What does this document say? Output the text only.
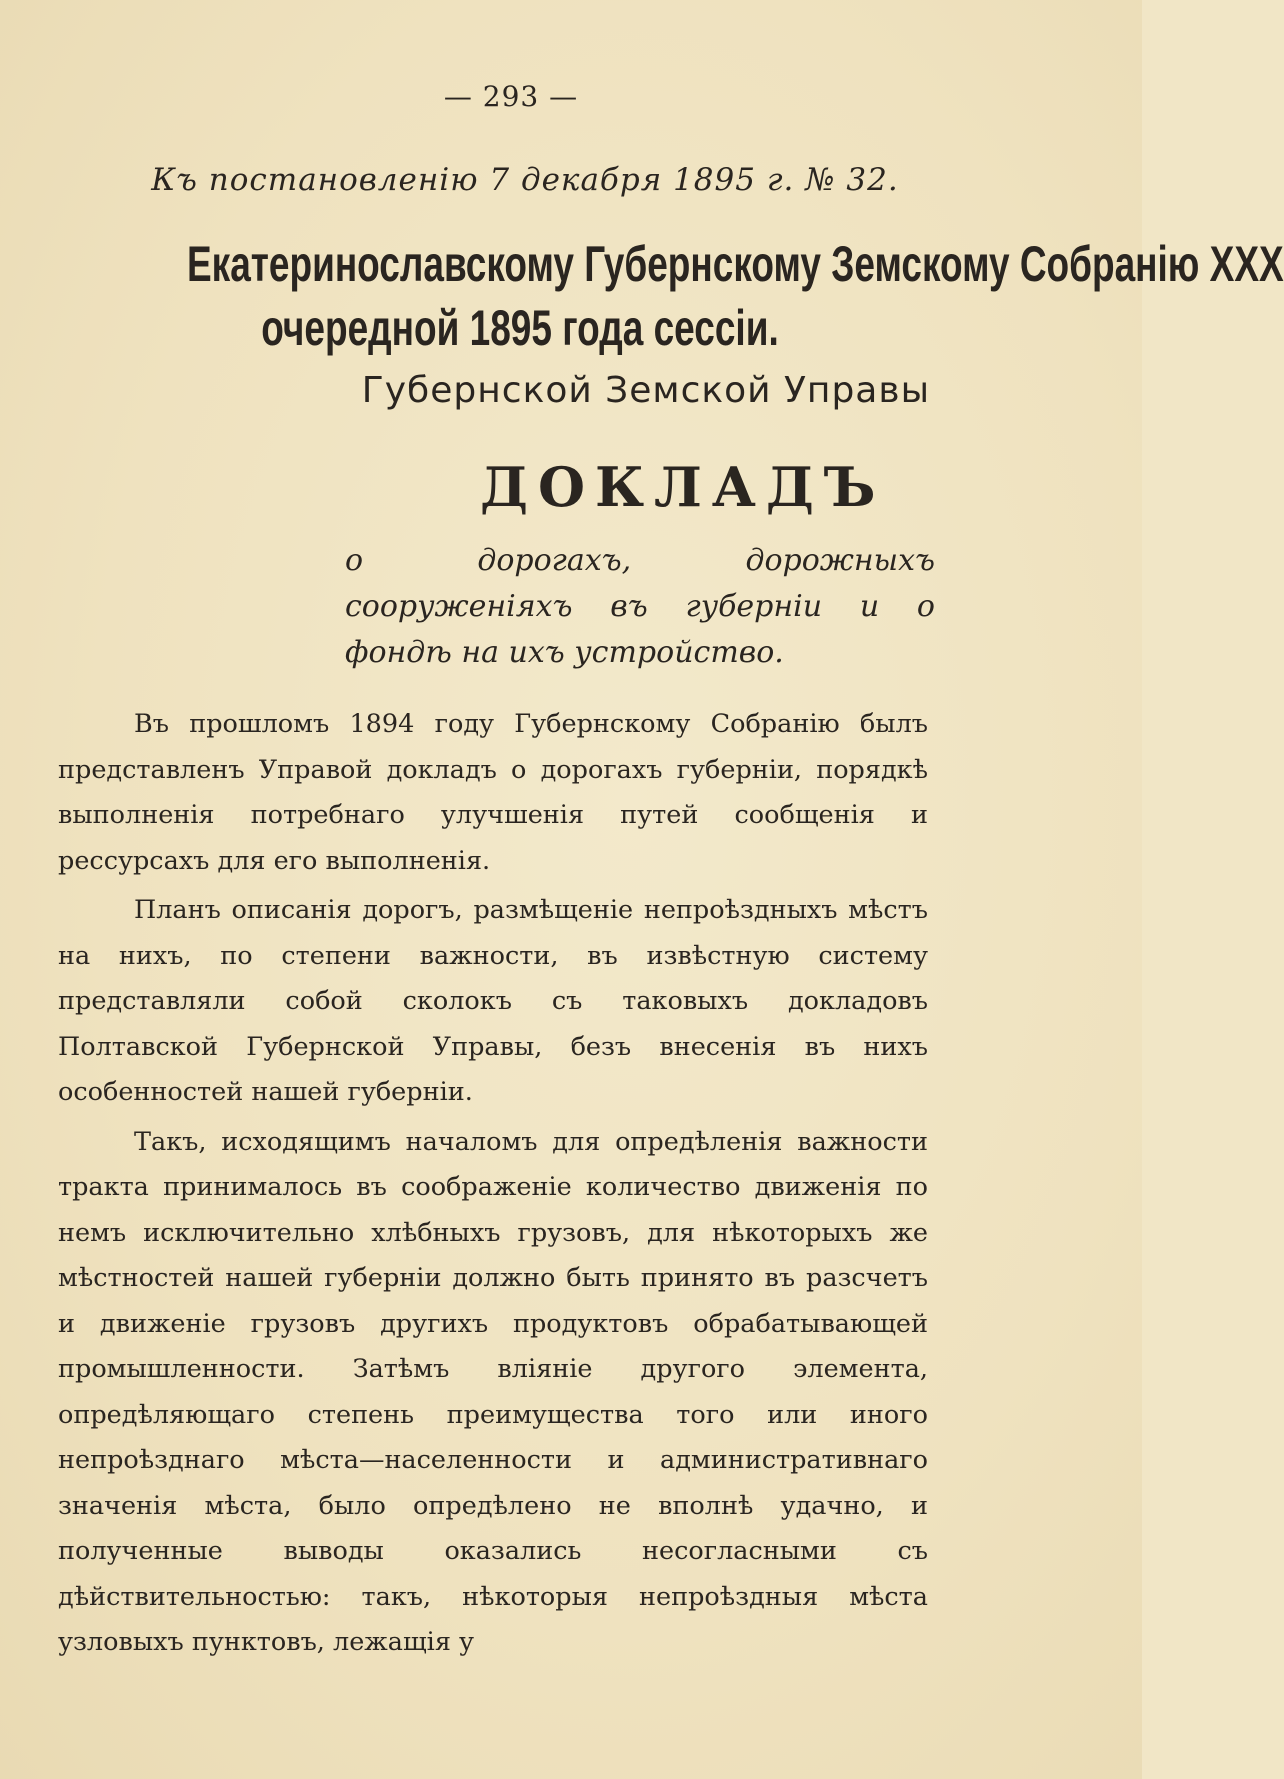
— 293 —
Къ постановленію 7 декабря 1895 г. № 32.
Екатеринославскому Губернскому Земскому Собранію XXX
очередной 1895 года сессіи.
Губернской Земской Управы
ДОКЛАДЪ
о дорогахъ, дорожныхъ сооруженіяхъ въ губерніи и о фондѣ на ихъ устройство.

Въ прошломъ 1894 году Губернскому Собранію былъ представленъ Управой докладъ о дорогахъ губерніи, порядкѣ выполненія потребнаго улучшенія путей сообщенія и рессурсахъ для его выполненія.

Планъ описанія дорогъ, размѣщеніе непроѣздныхъ мѣстъ на нихъ, по степени важности, въ извѣстную систему представляли собой сколокъ съ таковыхъ докладовъ Полтавской Губернской Управы, безъ внесенія въ нихъ особенностей нашей губерніи.

Такъ, исходящимъ началомъ для опредѣленія важности тракта принималось въ соображеніе количество движенія по немъ исключительно хлѣбныхъ грузовъ, для нѣкоторыхъ же мѣстностей нашей губерніи должно быть принято въ разсчетъ и движеніе грузовъ другихъ продуктовъ обрабатывающей промышленности. Затѣмъ вліяніе другого элемента, опредѣляющаго степень преимущества того или иного непроѣзднаго мѣста—населенности и административнаго значенія мѣста, было опредѣлено не вполнѣ удачно, и полученные выводы оказались несогласными съ дѣйствительностью: такъ, нѣкоторыя непроѣздныя мѣста узловыхъ пунктовъ, лежащія у
